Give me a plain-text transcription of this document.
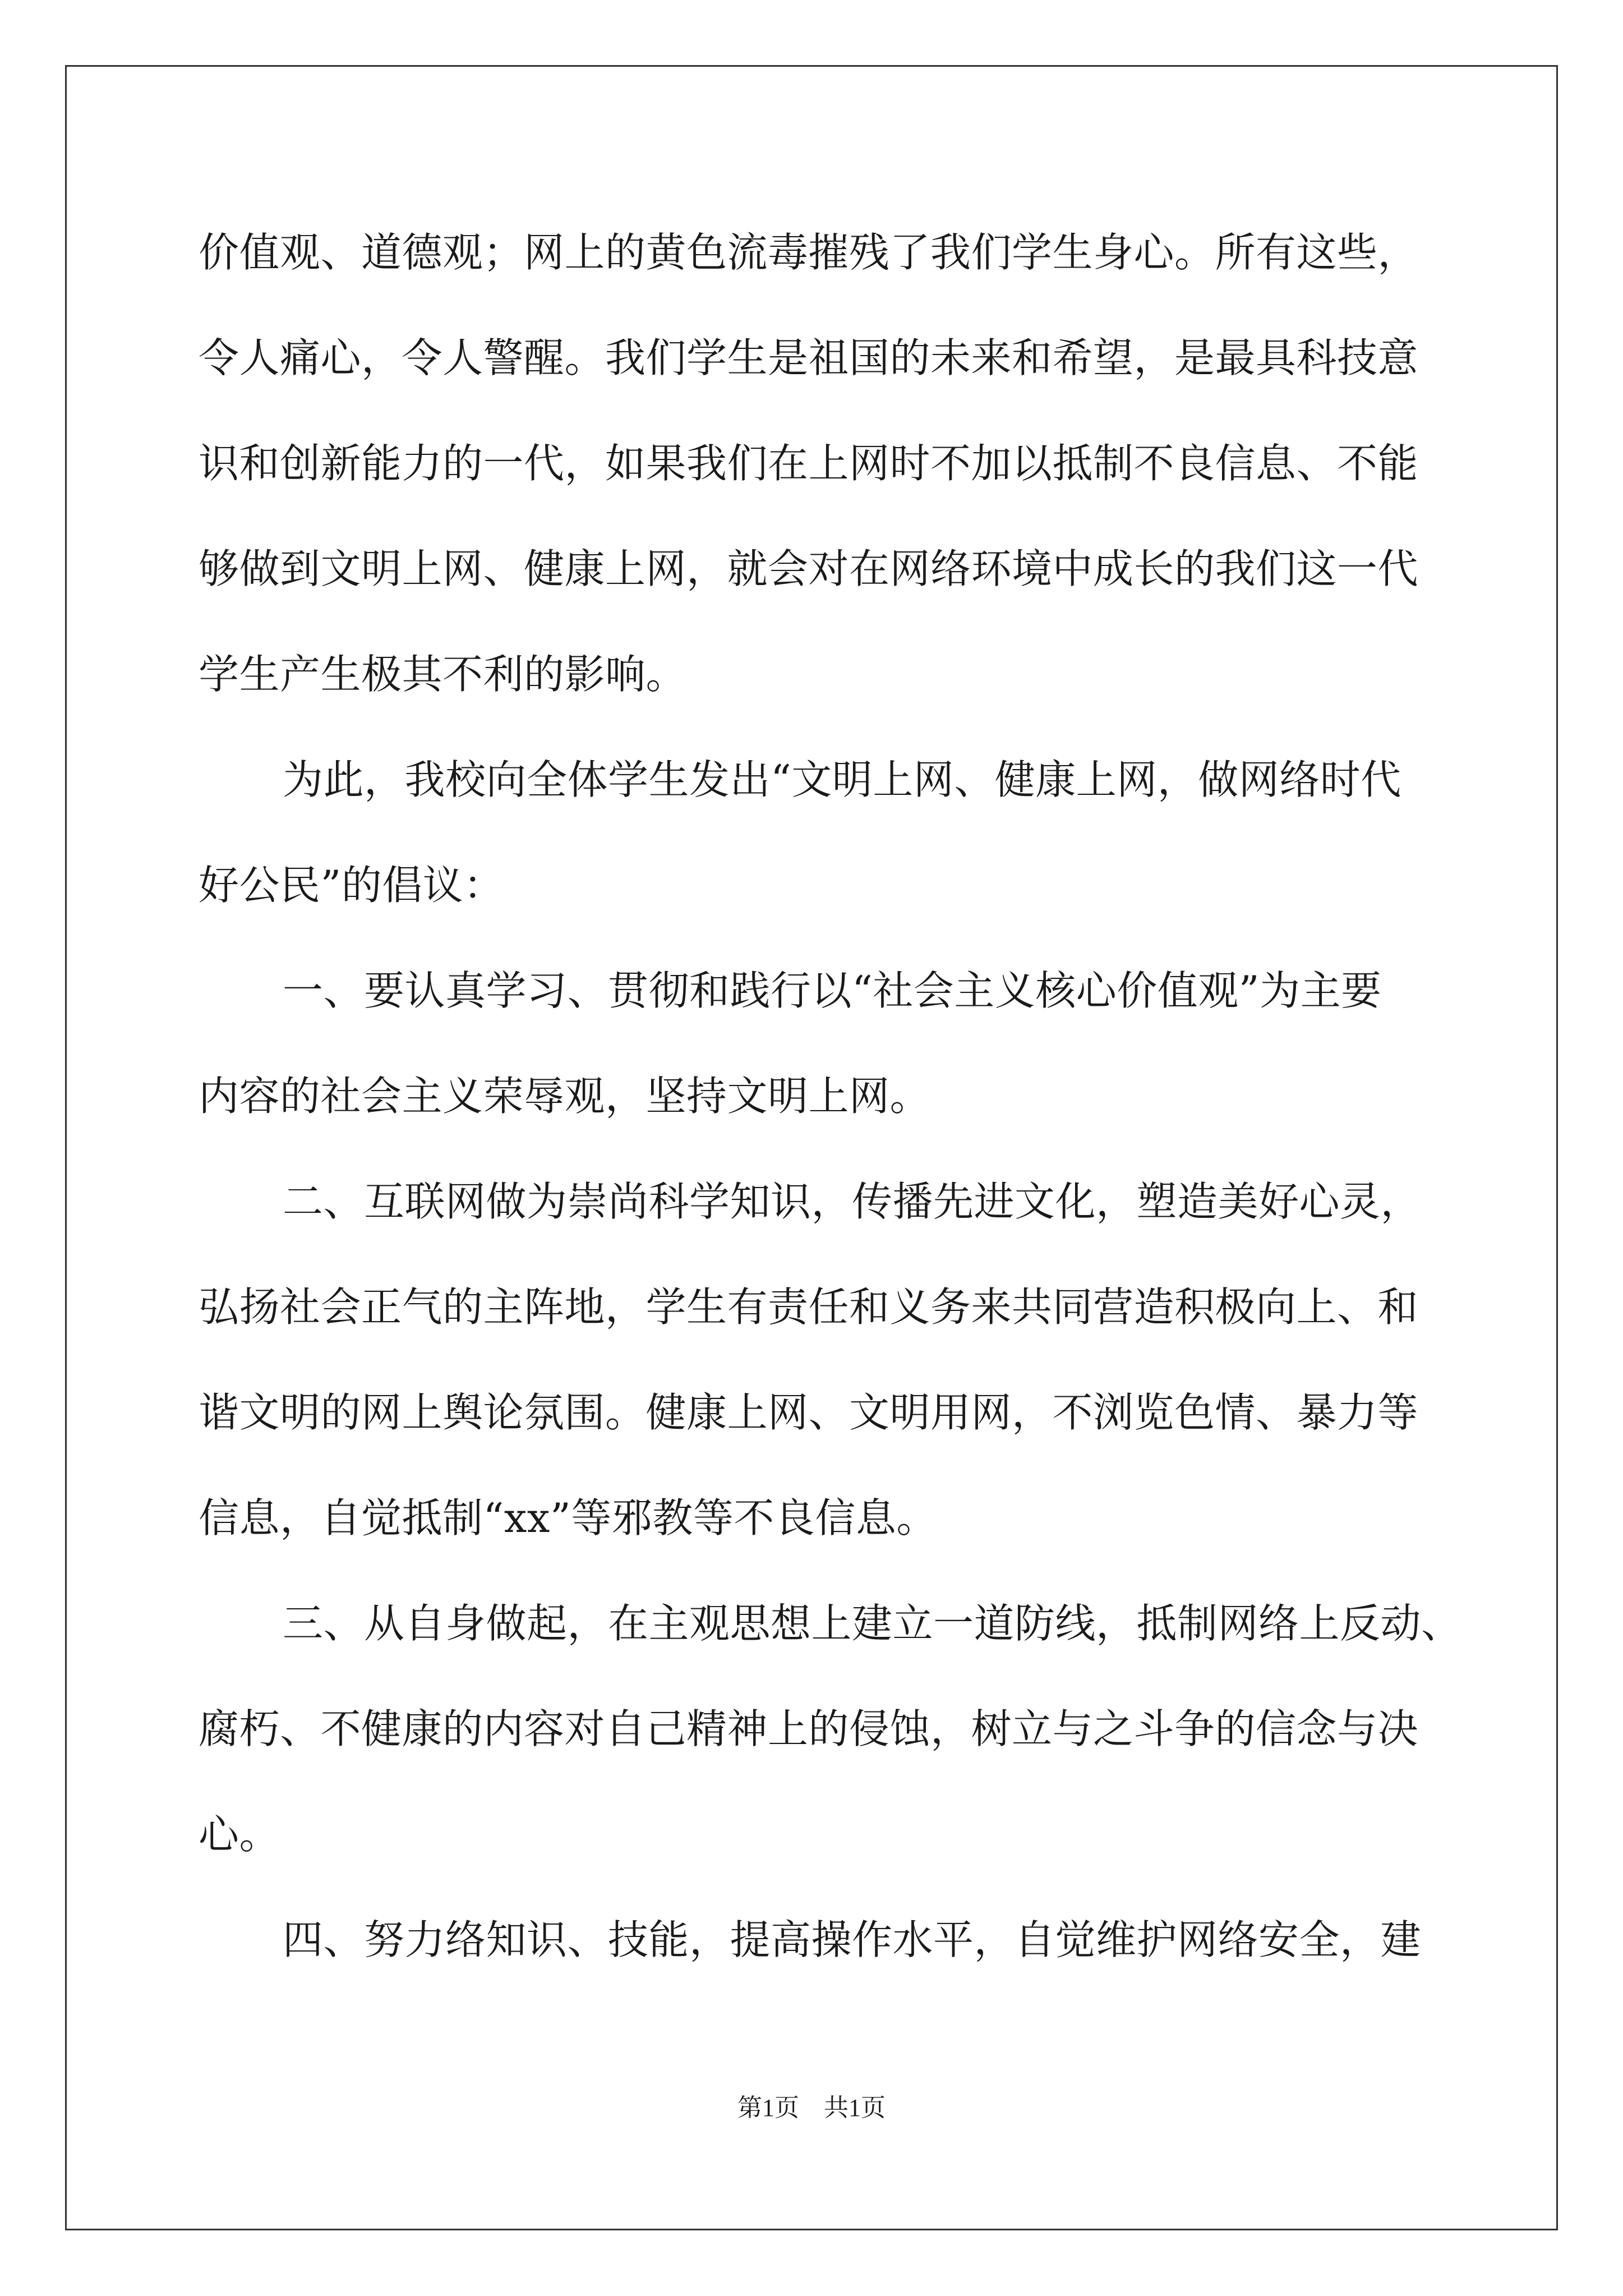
价值观、道德观；网上的黄色流毒摧残了我们学生身心。所有这些，
令人痛心，令人警醒。我们学生是祖国的未来和希望，是最具科技意
识和创新能力的一代，如果我们在上网时不加以抵制不良信息、不能
够做到文明上网、健康上网，就会对在网络环境中成长的我们这一代
学生产生极其不利的影响。
为此，我校向全体学生发出“文明上网、健康上网，做网络时代
好公民”的倡议：
一、要认真学习、贯彻和践行以“社会主义核心价值观”为主要
内容的社会主义荣辱观，坚持文明上网。
二、互联网做为崇尚科学知识，传播先进文化，塑造美好心灵，
弘扬社会正气的主阵地，学生有责任和义务来共同营造积极向上、和
谐文明的网上舆论氛围。健康上网、文明用网，不浏览色情、暴力等
信息，自觉抵制“xx”等邪教等不良信息。
三、从自身做起，在主观思想上建立一道防线，抵制网络上反动、
腐朽、不健康的内容对自己精神上的侵蚀，树立与之斗争的信念与决
心。
四、努力络知识、技能，提高操作水平，自觉维护网络安全，建
第1页　共1页
